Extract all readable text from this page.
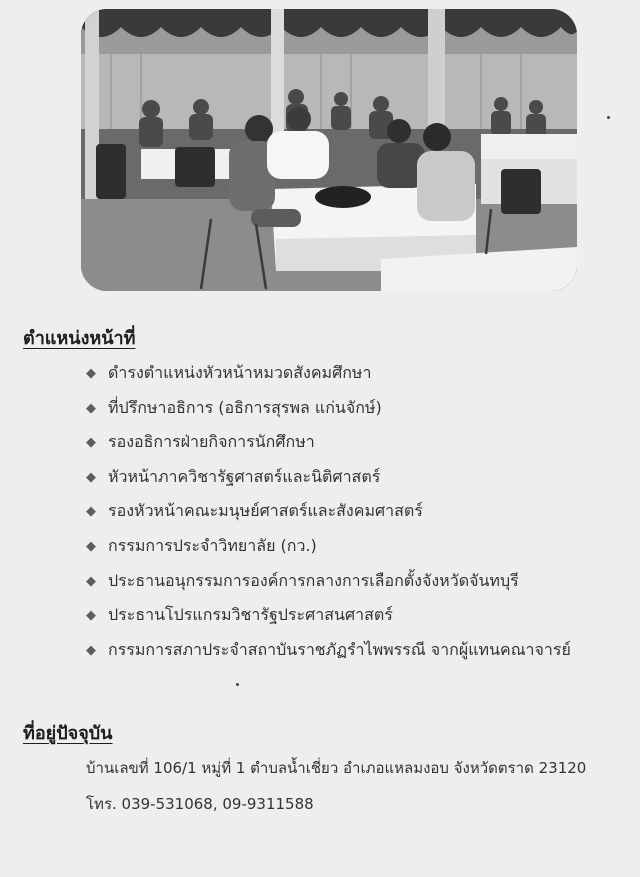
ตำแหน่งหน้าที่
◆ ดำรงตำแหน่งหัวหน้าหมวดสังคมศึกษา
◆ ที่ปรึกษาอธิการ (อธิการสุรพล แก่นจักษ์)
◆ รองอธิการฝ่ายกิจการนักศึกษา
◆ หัวหน้าภาควิชารัฐศาสตร์และนิติศาสตร์
◆ รองหัวหน้าคณะมนุษย์ศาสตร์และสังคมศาสตร์
◆ กรรมการประจำวิทยาลัย (กว.)
◆ ประธานอนุกรรมการองค์การกลางการเลือกตั้งจังหวัดจันทบุรี
◆ ประธานโปรแกรมวิชารัฐประศาสนศาสตร์
◆ กรรมการสภาประจำสถาบันราชภัฏรำไพพรรณี จากผู้แทนคณาจารย์
ที่อยู่ปัจจุบัน
บ้านเลขที่ 106/1 หมู่ที่ 1 ตำบลน้ำเชี่ยว อำเภอแหลมงอบ จังหวัดตราด 23120
โทร. 039-531068, 09-9311588
